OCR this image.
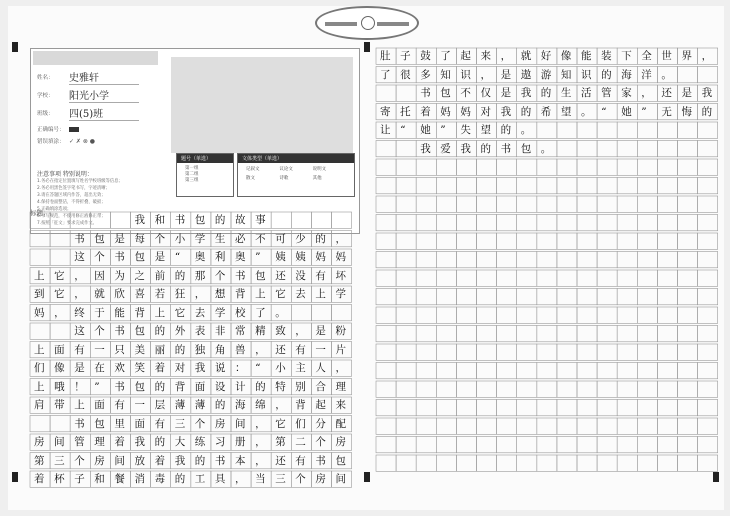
姓名：	史雅轩
学校：	阳光小学
班级：	四(5)班
正确编号：
错误填涂： ✓ ✗ ⊗ ●
注意事项 特别说明：
1.务必在指定位置填写姓名学校班级等信息；
2.务必用黑色签字笔书写，字迹清晰；
3.请在答题区域内作答，超出无效；
4.保持卷面整洁，不得折叠、破损；
5.正确填涂选项；
6.书写规范，不使用修正液修正带；
7.按照「征文」要求完成作文。
题号（单选）
第一组
第二组
第三组
文体类型（单选）
记叙文	议论文	说明文
散文	诗歌	其他
标题：
我 和 书 包 的 故 事
书 包 是 每 个 小 学 生 必 不 可 少 的 ，
这 个 书 包 是 “ 奥 利 奥 ” 姨 姨 妈 妈
上 它 ， 因 为 之 前 的 那 个 书 包 还 没 有 坏
到 它 ， 就 欣 喜 若 狂 ， 想 背 上 它 去 上 学
妈 ， 终 于 能 背 上 它 去 学 校 了 。
这 个 书 包 的 外 表 非 常 精 致 ， 是 粉
上 面 有 一 只 美 丽 的 独 角 兽 ， 还 有 一 片
们 像 是 在 欢 笑 着 对 我 说 ： “ 小 主 人 ，
上 哦 ！ ” 书 包 的 背 面 设 计 的 特 别 合 理
肩 带 上 面 有 一 层 薄 薄 的 海 绵 ， 背 起 来
书 包 里 面 有 三 个 房 间 ， 它 们 分 配
房 间 管 理 着 我 的 大 练 习 册 ， 第 二 个 房
第 三 个 房 间 放 着 我 的 书 本 ， 还 有 书 包
着 杯 子 和 餐 消 毒 的 工 具 ， 当 三 个 房 间
肚 子 鼓 了 起 来 ， 就 好 像 能 装 下 全 世 界 ，
了 很 多 知 识 ， 是 遨 游 知 识 的 海 洋 。
书 包 不 仅 是 我 的 生 活 管 家 ， 还 是 我
寄 托 着 妈 妈 对 我 的 希 望 。 “ 她 ” 无 悔 的
让 “ 她 ” 失 望 的 。
我 爱 我 的 书 包 。
